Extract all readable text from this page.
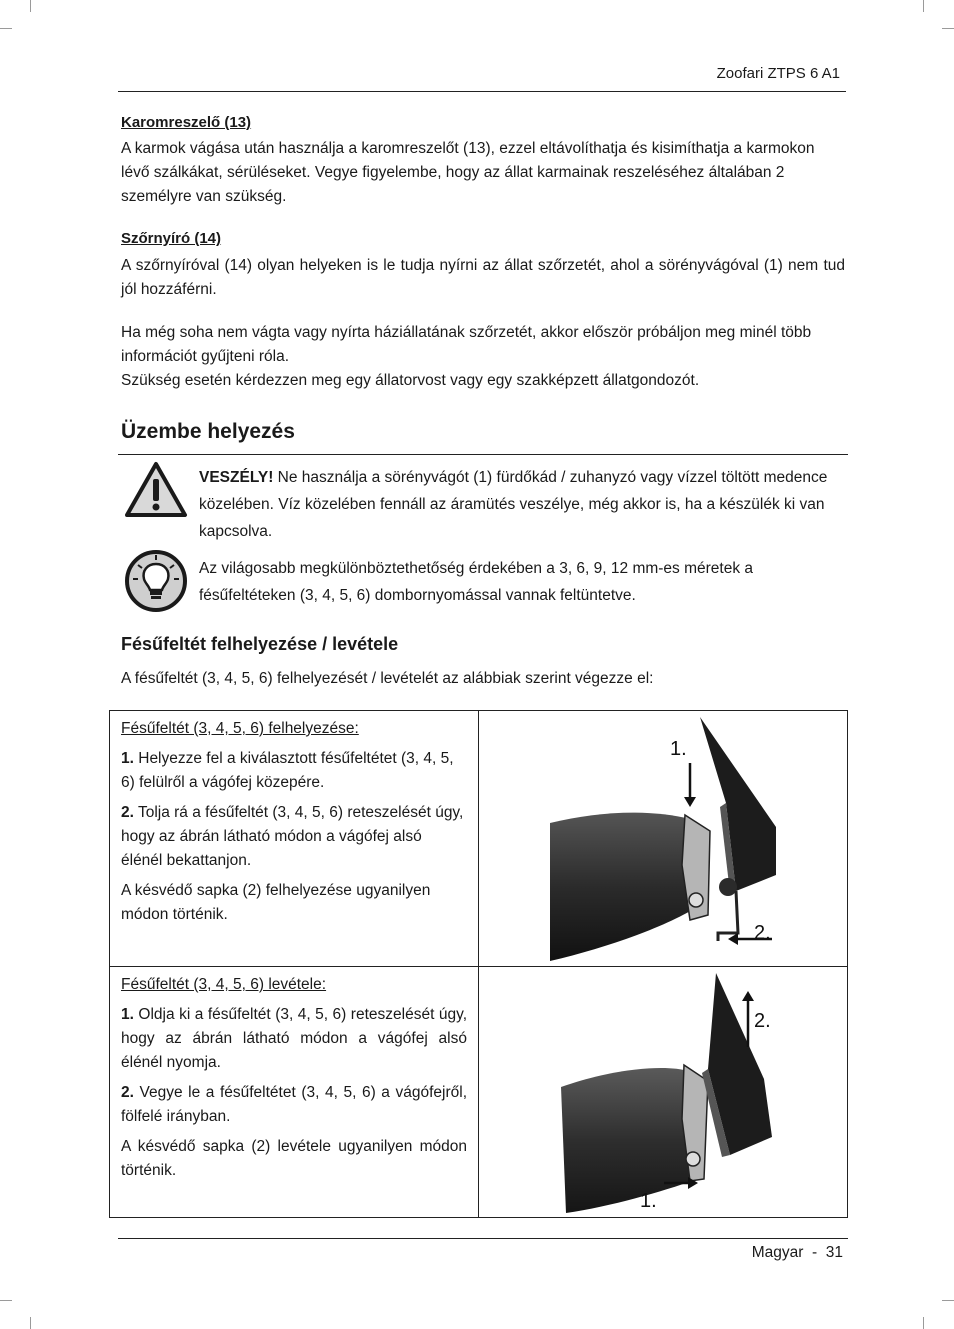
Zoofari ZTPS 6 A1
Karomreszelő (13)
A karmok vágása után használja a karomreszelőt (13), ezzel eltávolíthatja és kisimíthatja a karmokon lévő szálkákat, sérüléseket. Vegye figyelembe, hogy az állat karmainak reszeléséhez általában 2 személyre van szükség.
Szőrnyíró (14)
A szőrnyíróval (14) olyan helyeken is le tudja nyírni az állat szőrzetét, ahol a sörényvágóval (1) nem tud jól hozzáférni.
Ha még soha nem vágta vagy nyírta háziállatának szőrzetét, akkor először próbáljon meg minél több információt gyűjteni róla.
Szükség esetén kérdezzen meg egy állatorvost vagy egy szakképzett állatgondozót.
Üzembe helyezés
VESZÉLY! Ne használja a sörényvágót (1) fürdőkád / zuhanyzó vagy vízzel töltött medence közelében. Víz közelében fennáll az áramütés veszélye, még akkor is, ha a készülék ki van kapcsolva.
Az világosabb megkülönböztethetőség érdekében a 3, 6, 9, 12 mm-es méretek a fésűfeltéteken (3, 4, 5, 6) dombornyomással vannak feltüntetve.
Fésűfeltét felhelyezése / levétele
A fésűfeltét (3, 4, 5, 6) felhelyezését / levételét az alábbiak szerint végezze el:
Fésűfeltét (3, 4, 5, 6) felhelyezése:

1. Helyezze fel a kiválasztott fésűfeltétet (3, 4, 5, 6) felülről a vágófej közepére.

2. Tolja rá a fésűfeltét (3, 4, 5, 6) reteszelését úgy, hogy az ábrán látható módon a vágófej alsó élénél bekattanjon.

A késvédő sapka (2) felhelyezése ugyanilyen módon történik.

Fésűfeltét (3, 4, 5, 6) levétele:

1. Oldja ki a fésűfeltét (3, 4, 5, 6) reteszelését úgy, hogy az ábrán látható módon a vágófej alsó élénél nyomja.

2. Vegye le a fésűfeltétet (3, 4, 5, 6) a vágófejről, fölfelé irányban.

A késvédő sapka (2) levétele ugyanilyen módon történik.

1.
2.
2.
1.
Magyar  -  31
